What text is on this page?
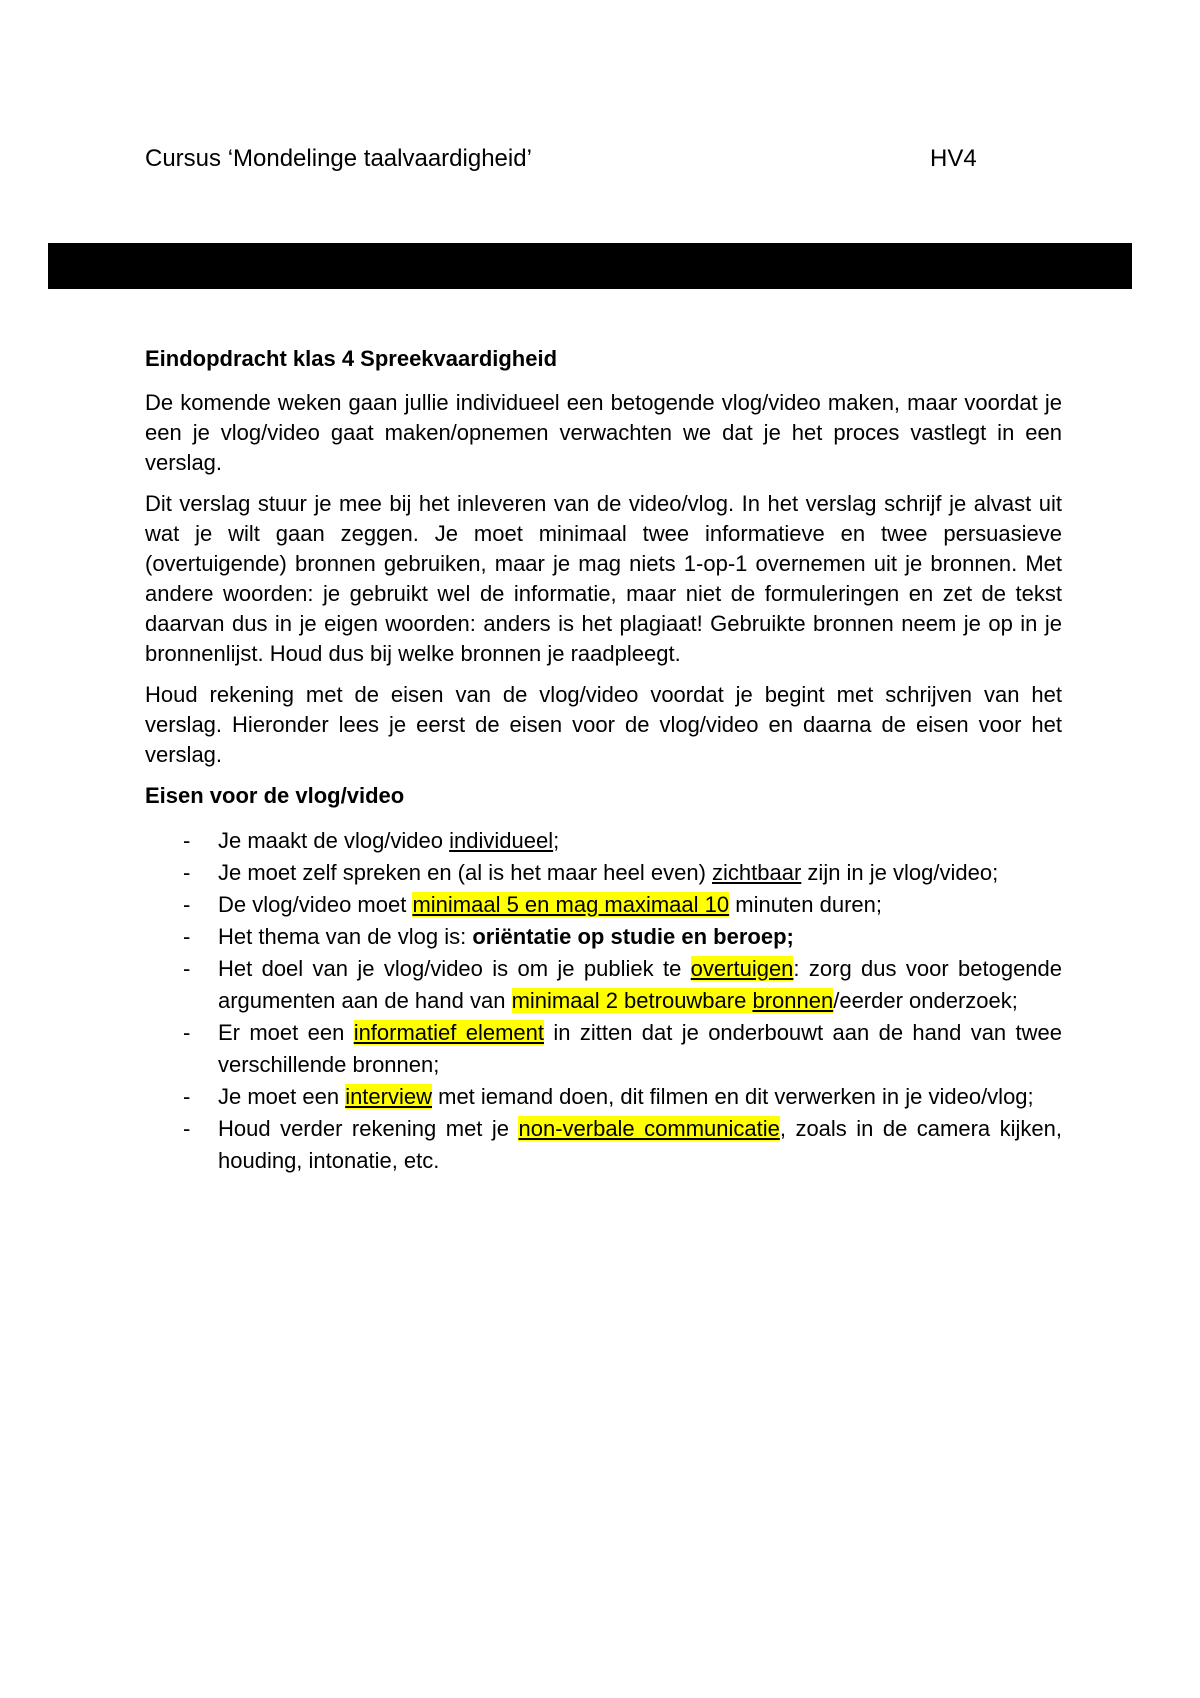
Cursus ‘Mondelinge taalvaardigheid’	HV4
Eindopdracht klas 4 Spreekvaardigheid

De komende weken gaan jullie individueel een betogende vlog/video maken, maar voordat je een je vlog/video gaat maken/opnemen verwachten we dat je het proces vastlegt in een verslag.

Dit verslag stuur je mee bij het inleveren van de video/vlog. In het verslag schrijf je alvast uit wat je wilt gaan zeggen. Je moet minimaal twee informatieve en twee persuasieve (overtuigende) bronnen gebruiken, maar je mag niets 1-op-1 overnemen uit je bronnen. Met andere woorden: je gebruikt wel de informatie, maar niet de formuleringen en zet de tekst daarvan dus in je eigen woorden: anders is het plagiaat! Gebruikte bronnen neem je op in je bronnenlijst. Houd dus bij welke bronnen je raadpleegt.

Houd rekening met de eisen van de vlog/video voordat je begint met schrijven van het verslag. Hieronder lees je eerst de eisen voor de vlog/video en daarna de eisen voor het verslag.

Eisen voor de vlog/video
- Je maakt de vlog/video individueel;
- Je moet zelf spreken en (al is het maar heel even) zichtbaar zijn in je vlog/video;
- De vlog/video moet minimaal 5 en mag maximaal 10 minuten duren;
- Het thema van de vlog is: oriëntatie op studie en beroep;
- Het doel van je vlog/video is om je publiek te overtuigen: zorg dus voor betogende argumenten aan de hand van minimaal 2 betrouwbare bronnen/eerder onderzoek;
- Er moet een informatief element in zitten dat je onderbouwt aan de hand van twee verschillende bronnen;
- Je moet een interview met iemand doen, dit filmen en dit verwerken in je video/vlog;
- Houd verder rekening met je non-verbale communicatie, zoals in de camera kijken, houding, intonatie, etc.
